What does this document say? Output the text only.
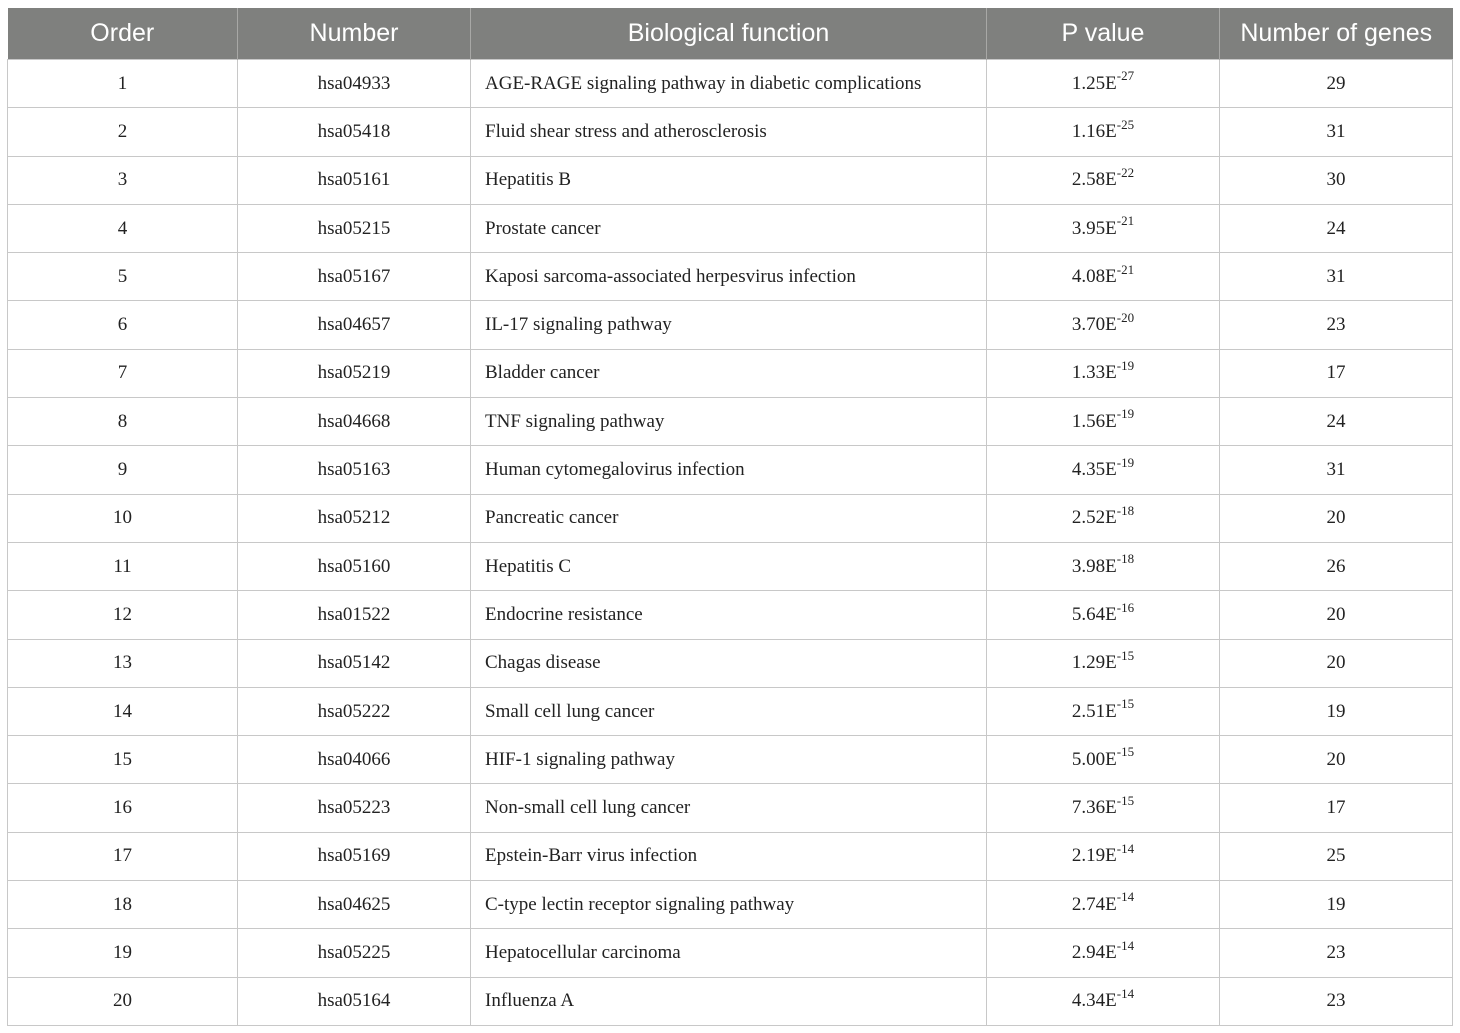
Order	Number	Biological function	P value	Number of genes
1	hsa04933	AGE-RAGE signaling pathway in diabetic complications	$1.25E^{-27}$	29
2	hsa05418	Fluid shear stress and atherosclerosis	$1.16E^{-25}$	31
3	hsa05161	Hepatitis B	$2.58E^{-22}$	30
4	hsa05215	Prostate cancer	$3.95E^{-21}$	24
5	hsa05167	Kaposi sarcoma-associated herpesvirus infection	$4.08E^{-21}$	31
6	hsa04657	IL-17 signaling pathway	$3.70E^{-20}$	23
7	hsa05219	Bladder cancer	$1.33E^{-19}$	17
8	hsa04668	TNF signaling pathway	$1.56E^{-19}$	24
9	hsa05163	Human cytomegalovirus infection	$4.35E^{-19}$	31
10	hsa05212	Pancreatic cancer	$2.52E^{-18}$	20
11	hsa05160	Hepatitis C	$3.98E^{-18}$	26
12	hsa01522	Endocrine resistance	$5.64E^{-16}$	20
13	hsa05142	Chagas disease	$1.29E^{-15}$	20
14	hsa05222	Small cell lung cancer	$2.51E^{-15}$	19
15	hsa04066	HIF-1 signaling pathway	$5.00E^{-15}$	20
16	hsa05223	Non-small cell lung cancer	$7.36E^{-15}$	17
17	hsa05169	Epstein-Barr virus infection	$2.19E^{-14}$	25
18	hsa04625	C-type lectin receptor signaling pathway	$2.74E^{-14}$	19
19	hsa05225	Hepatocellular carcinoma	$2.94E^{-14}$	23
20	hsa05164	Influenza A	$4.34E^{-14}$	23
